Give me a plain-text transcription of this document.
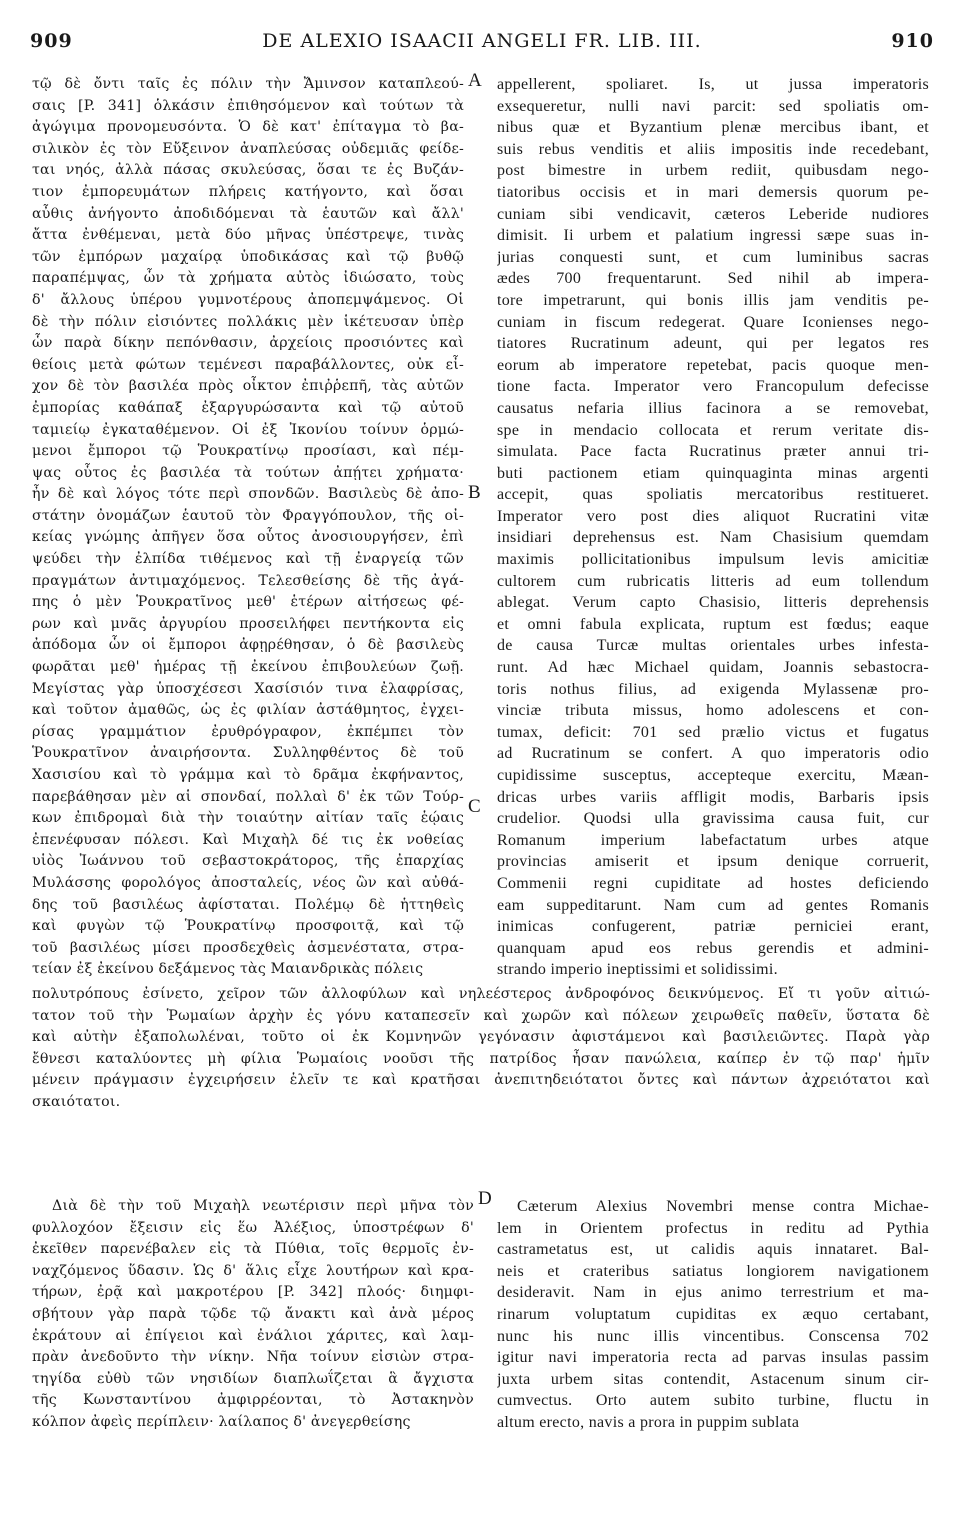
909	DE ALEXIO ISAACII ANGELI FR. LIB. III.	910
A
B
C
D
τῷ δὲ ὄντι ταῖς ἐς πόλιν τὴν Ἄμινσον καταπλεού-
σαις [P. 341] ὁλκάσιν ἐπιθησόμενον καὶ τούτων τὰ
ἀγώγιμα προνομευσόντα. Ὁ δὲ κατ' ἐπίταγμα τὸ βα-
σιλικὸν ἐς τὸν Εὔξεινον ἀναπλεύσας οὐδεμιᾶς φείδε-
ται νηός, ἀλλὰ πάσας σκυλεύσας, ὅσαι τε ἐς Βυζάν-
τιον ἐμπορευμάτων πλήρεις κατήγοντο, καὶ ὅσαι
αὖθις ἀνήγοντο ἀποδιδόμεναι τὰ ἑαυτῶν καὶ ἄλλ'
ἄττα ἐνθέμεναι, μετὰ δύο μῆνας ὑπέστρεψε, τινὰς
τῶν ἐμπόρων μαχαίρᾳ ὑποδικάσας καὶ τῷ βυθῷ
παραπέμψας, ὧν τὰ χρήματα αὐτὸς ἰδιώσατο, τοὺς
δ' ἄλλους ὑπέρου γυμνοτέρους ἀποπεμψάμενος. Οἱ
δὲ τὴν πόλιν εἰσιόντες πολλάκις μὲν ἱκέτευσαν ὑπὲρ
ὧν παρὰ δίκην πεπόνθασιν, ἀρχείοις προσιόντες καὶ
θείοις μετὰ φώτων τεμένεσι παραβάλλοντες, οὐκ εἶ-
χον δὲ τὸν βασιλέα πρὸς οἶκτον ἐπιῤῥεπῆ, τὰς αὐτῶν
ἐμπορίας καθάπαξ ἐξαργυρώσαντα καὶ τῷ αὐτοῦ
ταμιείῳ ἐγκαταθέμενον. Οἱ ἐξ Ἰκονίου τοίνυν ὁρμώ-
μενοι ἔμποροι τῷ Ῥουκρατίνῳ προσίασι, καὶ πέμ-
ψας οὗτος ἐς βασιλέα τὰ τούτων ἀπῄτει χρήματα·
ἦν δὲ καὶ λόγος τότε περὶ σπονδῶν. Βασιλεὺς δὲ ἀπο-
στάτην ὀνομάζων ἑαυτοῦ τὸν Φραγγόπουλον, τῆς οἰ-
κείας γνώμης ἀπῆγεν ὅσα οὗτος ἀνοσιουργήσεν, ἐπὶ
ψεύδει τὴν ἐλπίδα τιθέμενος καὶ τῇ ἐναργείᾳ τῶν
πραγμάτων ἀντιμαχόμενος. Τελεσθείσης δὲ τῆς ἀγά-
πης ὁ μὲν Ῥουκρατῖνος μεθ' ἑτέρων αἰτήσεως φέ-
ρων καὶ μνᾶς ἀργυρίου προσειλήφει πεντήκοντα εἰς
ἀπόδομα ὧν οἱ ἔμποροι ἀφῃρέθησαν, ὁ δὲ βασιλεὺς
φωρᾶται μεθ' ἡμέρας τῇ ἐκείνου ἐπιβουλεύων ζωῇ.
Μεγίστας γὰρ ὑποσχέσεσι Χασίσιόν τινα ἐλαφρίσας,
καὶ τοῦτον ἀμαθῶς, ὡς ἐς φιλίαν ἀστάθμητος, ἐγχει-
ρίσας γραμμάτιον ἐρυθρόγραφον, ἐκπέμπει τὸν
Ῥουκρατῖνον ἀναιρήσοντα. Συλληφθέντος δὲ τοῦ
Χασισίου καὶ τὸ γράμμα καὶ τὸ δρᾶμα ἐκφήναντος,
παρεβάθησαν μὲν αἱ σπονδαί, πολλαὶ δ' ἐκ τῶν Τούρ-
κων ἐπιδρομαὶ διὰ τὴν τοιαύτην αἰτίαν ταῖς ἑῴαις
ἐπενέφυσαν πόλεσι. Καὶ Μιχαὴλ δέ τις ἐκ νοθείας
υἱὸς Ἰωάννου τοῦ σεβαστοκράτορος, τῆς ἐπαρχίας
Μυλάσσης φορολόγος ἀποσταλείς, νέος ὢν καὶ αὐθά-
δης τοῦ βασιλέως ἀφίσταται. Πολέμῳ δὲ ἡττηθεὶς
καὶ φυγὼν τῷ Ῥουκρατίνῳ προσφοιτᾷ, καὶ τῷ
τοῦ βασιλέως μίσει προσδεχθεὶς ἀσμενέστατα, στρα-
τείαν ἐξ ἐκείνου δεξάμενος τὰς Μαιανδρικὰς πόλεις
appellerent, spoliaret. Is, ut jussa imperatoris
exsequeretur, nulli navi parcit: sed spoliatis om-
nibus quæ et Byzantium plenæ mercibus ibant, et
suis rebus venditis et aliis impositis inde recedebant,
post bimestre in urbem rediit, quibusdam nego-
tiatoribus occisis et in mari demersis quorum pe-
cuniam sibi vendicavit, cæteros Leberide nudiores
dimisit. Ii urbem et palatium ingressi sæpe suas in-
jurias conquesti sunt, et cum luminibus sacras
ædes 700 frequentarunt. Sed nihil ab impera-
tore impetrarunt, qui bonis illis jam venditis pe-
cuniam in fiscum redegerat. Quare Iconienses nego-
tiatores Rucratinum adeunt, qui per legatos res
eorum ab imperatore repetebat, pacis quoque men-
tione facta. Imperator vero Francopulum defecisse
causatus nefaria illius facinora a se removebat,
spe in mendacio collocata et rerum veritate dis-
simulata. Pace facta Rucratinus præter annui tri-
buti pactionem etiam quinquaginta minas argenti
accepit, quas spoliatis mercatoribus restitueret.
Imperator vero post dies aliquot Rucratini vitæ
insidiari deprehensus est. Nam Chasisium quemdam
maximis pollicitationibus impulsum levis amicitiæ
cultorem cum rubricatis litteris ad eum tollendum
ablegat. Verum capto Chasisio, litteris deprehensis
et omni fabula explicata, ruptum est fœdus; eaque
de causa Turcæ multas orientales urbes infesta-
runt. Ad hæc Michael quidam, Joannis sebastocra-
toris nothus filius, ad exigenda Mylassenæ pro-
vinciæ tributa missus, homo adolescens et con-
tumax, deficit: 701 sed prælio victus et fugatus
ad Rucratinum se confert. A quo imperatoris odio
cupidissime susceptus, accepteque exercitu, Mæan-
dricas urbes variis affligit modis, Barbaris ipsis
crudelior. Quodsi ulla gravissima causa fuit, cur
Romanum imperium labefactatum urbes atque
provincias amiserit et ipsum denique corruerit,
Commenii regni cupiditate ad hostes deficiendo
eam suppeditarunt. Nam cum ad gentes Romanis
inimicas confugerent, patriæ perniciei erant,
quanquam apud eos rebus gerendis et admini-
strando imperio ineptissimi et solidissimi.
πολυτρόπους ἐσίνετο, χεῖρον τῶν ἀλλοφύλων καὶ νηλεέστερος ἀνδροφόνος δεικνύμενος. Εἴ τι γοῦν αἰτιώ-
τατον τοῦ τὴν Ῥωμαίων ἀρχὴν ἐς γόνυ καταπεσεῖν καὶ χωρῶν καὶ πόλεων χειρωθεῖς παθεῖν, ὕστατα δὲ
καὶ αὐτὴν ἐξαπολωλέναι, τοῦτο οἱ ἐκ Κομνηνῶν γεγόνασιν ἀφιστάμενοι καὶ βασιλειῶντες. Παρὰ γὰρ
ἔθνεσι καταλύοντες μὴ φίλια Ῥωμαίοις νοοῦσι τῆς πατρίδος ἦσαν πανώλεια, καίπερ ἐν τῷ παρ' ἡμῖν
μένειν πράγμασιν ἐγχειρήσειν ἑλεῖν τε καὶ κρατῆσαι ἀνεπιτηδειότατοι ὄντες καὶ πάντων ἀχρειότατοι καὶ
σκαιότατοι.
Διὰ δὲ τὴν τοῦ Μιχαὴλ νεωτέρισιν περὶ μῆνα τὸν
φυλλοχόον ἔξεισιν εἰς ἕω Ἀλέξιος, ὑποστρέφων δ'
ἐκεῖθεν παρενέβαλεν εἰς τὰ Πύθια, τοῖς θερμοῖς ἐν-
ναχζόμενος ὕδασιν. Ὡς δ' ἅλις εἶχε λουτήρων καὶ κρα-
τήρων, ἐρᾷ καὶ μακροτέρου [P. 342] πλοός· διημφι-
σβήτουν γὰρ παρὰ τῷδε τῷ ἄνακτι καὶ ἀνὰ μέρος
ἐκράτουν αἱ ἐπίγειοι καὶ ἐνάλιοι χάριτες, καὶ λαμ-
πρὰν ἀνεδοῦντο τὴν νίκην. Νῆα τοίνυν εἰσιὼν στρα-
τηγίδα εὐθὺ τῶν νησιδίων διαπλωΐζεται ἃ ἄγχιστα
τῆς Κωνσταντίνου ἀμφιρρέονται, τὸ Ἀστακηνὸν
κόλπον ἀφεὶς περίπλειν· λαίλαπος δ' ἀνεγερθείσης
Cæterum Alexius Novembri mense contra Michae-
lem in Orientem profectus in reditu ad Pythia
castrametatus est, ut calidis aquis innataret. Bal-
neis et crateribus satiatus longiorem navigationem
desideravit. Nam in ejus animo terrestrium et ma-
rinarum voluptatum cupiditas ex æquo certabant,
nunc his nunc illis vincentibus. Conscensa 702
igitur navi imperatoria recta ad parvas insulas passim
juxta urbem sitas contendit, Astacenum sinum cir-
cumvectus. Orto autem subito turbine, fluctu in
altum erecto, navis a prora in puppim sublata
